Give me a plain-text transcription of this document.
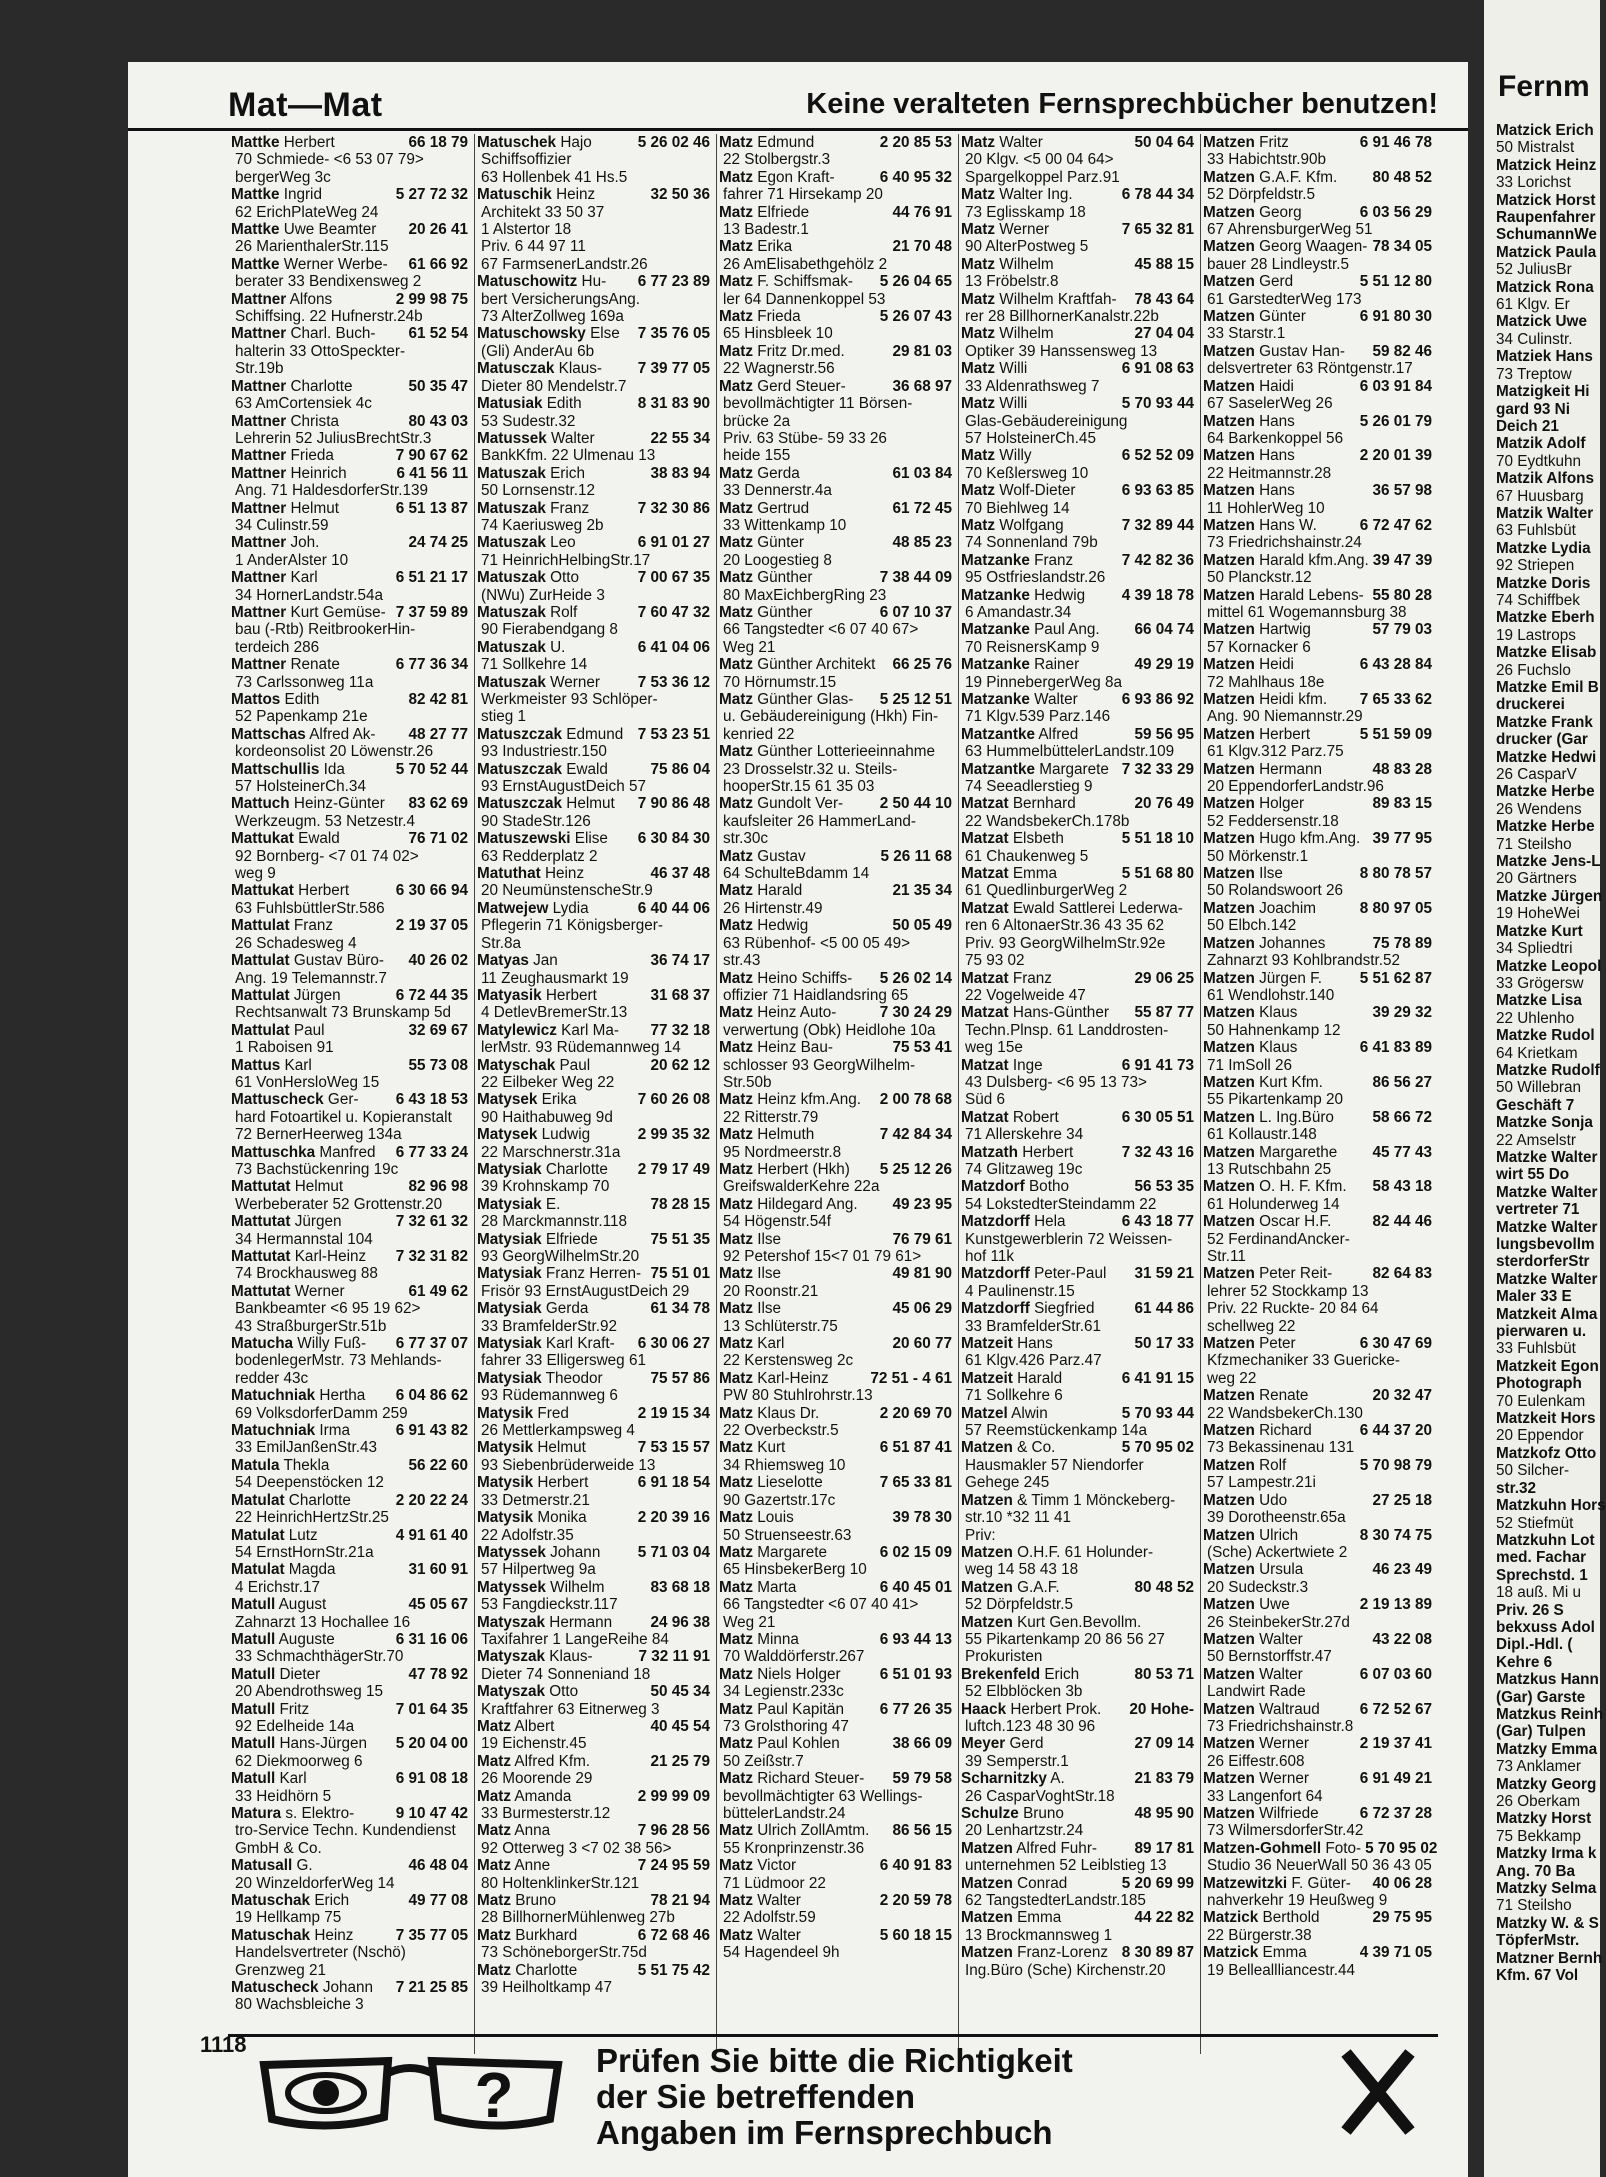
Mat—Mat	Keine veralteten Fernsprechbücher benutzen!
Mattke Herbert	66 18 79
70 Schmiede- <6 53 07 79>
bergerWeg 3c
Mattke Ingrid	5 27 72 32
62 ErichPlateWeg 24
Mattke Uwe Beamter 20 26 41
26 MarienthalerStr.115
Mattke Werner Werbe- 61 66 92
berater 33 Bendixensweg 2
Mattner Alfons	2 99 98 75
Schiffsing. 22 Hufnerstr.24b
Mattner Charl. Buch- 61 52 54
halterin 33 OttoSpeckter-
Str.19b
Mattner Charlotte	50 35 47
63 AmCortensiek 4c
Mattner Christa	80 43 03
Lehrerin 52 JuliusBrechtStr.3
Mattner Frieda	7 90 67 62
Mattner Heinrich	6 41 56 11
Ang. 71 HaldesdorferStr.139
Mattner Helmut	6 51 13 87
34 Culinstr.59
Mattner Joh.	24 74 25
1 AnderAlster 10
Mattner Karl	6 51 21 17
34 HornerLandstr.54a
Mattner Kurt Gemüse- 7 37 59 89
bau (-Rtb) ReitbrookerHin-
terdeich 286
Mattner Renate	6 77 36 34
73 Carlssonweg 11a
Mattos Edith	82 42 81
52 Papenkamp 21e
Mattschas Alfred Ak- 48 27 77
kordeonsolist 20 Löwenstr.26
Mattschullis Ida	5 70 52 44
57 HolsteinerCh.34
Mattuch Heinz-Günter 83 62 69
Werkzeugm. 53 Netzestr.4
Mattukat Ewald	76 71 02
92 Bornberg- <7 01 74 02>
weg 9
Mattukat Herbert	6 30 66 94
63 FuhlsbüttlerStr.586
Mattulat Franz	2 19 37 05
26 Schadesweg 4
Mattulat Gustav Büro- 40 26 02
Ang. 19 Telemannstr.7
Mattulat Jürgen	6 72 44 35
Rechtsanwalt 73 Brunskamp 5d
Mattulat Paul	32 69 67
1 Raboisen 91
Mattus Karl	55 73 08
61 VonHersloWeg 15
Mattuscheck Ger- 6 43 18 53
hard Fotoartikel u. Kopieranstalt
72 BernerHeerweg 134a
Mattuschka Manfred 6 77 33 24
73 Bachstückenring 19c
Mattutat Helmut	82 96 98
Werbeberater 52 Grottenstr.20
Mattutat Jürgen	7 32 61 32
34 Hermannstal 104
Mattutat Karl-Heinz 7 32 31 82
74 Brockhausweg 88
Mattutat Werner	61 49 62
Bankbeamter <6 95 19 62>
43 StraßburgerStr.51b
Matucha Willy Fuß- 6 77 37 07
bodenlegerMstr. 73 Mehlands-
redder 43c
Matuchniak Hertha 6 04 86 62
69 VolksdorferDamm 259
Matuchniak Irma	6 91 43 82
33 EmilJanßenStr.43
Matula Thekla	56 22 60
54 Deepenstöcken 12
Matulat Charlotte	2 20 22 24
22 HeinrichHertzStr.25
Matulat Lutz	4 91 61 40
54 ErnstHornStr.21a
Matulat Magda	31 60 91
4 Erichstr.17
Matull August	45 05 67
Zahnarzt 13 Hochallee 16
Matull Auguste	6 31 16 06
33 SchmachthägerStr.70
Matull Dieter	47 78 92
20 Abendrothsweg 15
Matull Fritz	7 01 64 35
92 Edelheide 14a
Matull Hans-Jürgen 5 20 04 00
62 Diekmoorweg 6
Matull Karl	6 91 08 18
33 Heidhörn 5
Matura s. Elektro-	9 10 47 42
tro-Service Techn. Kundendienst
GmbH & Co.
Matusall G.	46 48 04
20 WinzeldorferWeg 14
Matuschak Erich	49 77 08
19 Hellkamp 75
Matuschak Heinz	7 35 77 05
Handelsvertreter (Nschö)
Grenzweg 21
Matuscheck Johann 7 21 25 85
80 Wachsbleiche 3
Matuschek Hajo	5 26 02 46
Schiffsoffizier
63 Hollenbek 41 Hs.5
Matuschik Heinz	32 50 36
Architekt 33 50 37
1 Alstertor 18
Priv. 6 44 97 11
67 FarmsenerLandstr.26
Matuschowitz Hu- 6 77 23 89
bert VersicherungsAng.
73 AlterZollweg 169a
Matuschowsky Else 7 35 76 05
(Gli) AnderAu 6b
Matusczak Klaus- 7 39 77 05
Dieter 80 Mendelstr.7
Matusiak Edith	8 31 83 90
53 Sudestr.32
Matussek Walter	22 55 34
BankKfm. 22 Ulmenau 13
Matuszak Erich	38 83 94
50 Lornsenstr.12
Matuszak Franz	7 32 30 86
74 Kaeriusweg 2b
Matuszak Leo	6 91 01 27
71 HeinrichHelbingStr.17
Matuszak Otto	7 00 67 35
(NWu) ZurHeide 3
Matuszak Rolf	7 60 47 32
90 Fierabendgang 8
Matuszak U.	6 41 04 06
71 Sollkehre 14
Matuszak Werner 7 53 36 12
Werkmeister 93 Schlöper-
stieg 1
Matuszczak Edmund 7 53 23 51
93 Industriestr.150
Matuszczak Ewald	75 86 04
93 ErnstAugustDeich 57
Matuszczak Helmut 7 90 86 48
90 StadeStr.126
Matuszewski Elise 6 30 84 30
63 Redderplatz 2
Matuthat Heinz	46 37 48
20 NeumünstenscheStr.9
Matwejew Lydia	6 40 44 06
Pflegerin 71 Königsberger-
Str.8a
Matyas Jan	36 74 17
11 Zeughausmarkt 19
Matyasik Herbert	31 68 37
4 DetlevBremerStr.13
Matylewicz Karl Ma- 77 32 18
lerMstr. 93 Rüdemannweg 14
Matyschak Paul	20 62 12
22 Eilbeker Weg 22
Matysek Erika	7 60 26 08
90 Haithabuweg 9d
Matysek Ludwig	2 99 35 32
22 Marschnerstr.31a
Matysiak Charlotte 2 79 17 49
39 Krohnskamp 70
Matysiak E.	78 28 15
28 Marckmannstr.118
Matysiak Elfriede	75 51 35
93 GeorgWilhelmStr.20
Matysiak Franz Herren- 75 51 01
Frisör 93 ErnstAugustDeich 29
Matysiak Gerda	61 34 78
33 BramfelderStr.92
Matysiak Karl Kraft- 6 30 06 27
fahrer 33 Elligersweg 61
Matysiak Theodor	75 57 86
93 Rüdemannweg 6
Matysik Fred	2 19 15 34
26 Mettlerkampsweg 4
Matysik Helmut	7 53 15 57
93 Siebenbrüderweide 13
Matysik Herbert	6 91 18 54
33 Detmerstr.21
Matysik Monika	2 20 39 16
22 Adolfstr.35
Matyssek Johann 5 71 03 04
57 Hilpertweg 9a
Matyssek Wilhelm	83 68 18
53 Fangdieckstr.117
Matyszak Hermann	24 96 38
Taxifahrer 1 LangeReihe 84
Matyszak Klaus-	7 32 11 91
Dieter 74 Sonneniand 18
Matyszak Otto	50 45 34
Kraftfahrer 63 Eitnerweg 3
Matz Albert	40 45 54
19 Eichenstr.45
Matz Alfred Kfm.	21 25 79
26 Moorende 29
Matz Amanda	2 99 99 09
33 Burmesterstr.12
Matz Anna	7 96 28 56
92 Otterweg 3 <7 02 38 56>
Matz Anne	7 24 95 59
80 HoltenklinkerStr.121
Matz Bruno	78 21 94
28 BillhornerMühlenweg 27b
Matz Burkhard	6 72 68 46
73 SchöneborgerStr.75d
Matz Charlotte	5 51 75 42
39 Heilholtkamp 47
Matz Edmund	2 20 85 53
22 Stolbergstr.3
Matz Egon Kraft-	6 40 95 32
fahrer 71 Hirsekamp 20
Matz Elfriede	44 76 91
13 Badestr.1
Matz Erika	21 70 48
26 AmElisabethgehölz 2
Matz F. Schiffsmak- 5 26 04 65
ler 64 Dannenkoppel 53
Matz Frieda	5 26 07 43
65 Hinsbleek 10
Matz Fritz Dr.med.	29 81 03
22 Wagnerstr.56
Matz Gerd Steuer-	36 68 97
bevollmächtigter 11 Börsen-
brücke 2a
Priv. 63 Stübe- 59 33 26
heide 155
Matz Gerda	61 03 84
33 Dennerstr.4a
Matz Gertrud	61 72 45
33 Wittenkamp 10
Matz Günter	48 85 23
20 Loogestieg 8
Matz Günther	7 38 44 09
80 MaxEichbergRing 23
Matz Günther	6 07 10 37
66 Tangstedter <6 07 40 67>
Weg 21
Matz Günther Architekt 66 25 76
70 Hörnumstr.15
Matz Günther Glas- 5 25 12 51
u. Gebäudereinigung (Hkh) Fin-
kenried 22
Matz Günther Lotterieeinnahme
23 Drosselstr.32 u. Steils-
hooperStr.15 61 35 03
Matz Gundolt Ver- 2 50 44 10
kaufsleiter 26 HammerLand-
str.30c
Matz Gustav	5 26 11 68
64 SchulteBdamm 14
Matz Harald	21 35 34
26 Hirtenstr.49
Matz Hedwig	50 05 49
63 Rübenhof- <5 00 05 49>
str.43
Matz Heino Schiffs- 5 26 02 14
offizier 71 Haidlandsring 65
Matz Heinz Auto-	7 30 24 29
verwertung (Obk) Heidlohe 10a
Matz Heinz Bau-	75 53 41
schlosser 93 GeorgWilhelm-
Str.50b
Matz Heinz kfm.Ang. 2 00 78 68
22 Ritterstr.79
Matz Helmuth	7 42 84 34
95 Nordmeerstr.8
Matz Herbert (Hkh) 5 25 12 26
GreifswalderKehre 22a
Matz Hildegard Ang. 49 23 95
54 Högenstr.54f
Matz Ilse	76 79 61
92 Petershof 15<7 01 79 61>
Matz Ilse	49 81 90
20 Roonstr.21
Matz Ilse	45 06 29
13 Schlüterstr.75
Matz Karl	20 60 77
22 Kerstensweg 2c
Matz Karl-Heinz	72 51 - 4 61
PW 80 Stuhlrohrstr.13
Matz Klaus Dr.	2 20 69 70
22 Overbeckstr.5
Matz Kurt	6 51 87 41
34 Rhiemsweg 10
Matz Lieselotte	7 65 33 81
90 Gazertstr.17c
Matz Louis	39 78 30
50 Struenseestr.63
Matz Margarete	6 02 15 09
65 HinsbekerBerg 10
Matz Marta	6 40 45 01
66 Tangstedter <6 07 40 41>
Weg 21
Matz Minna	6 93 44 13
70 Walddörferstr.267
Matz Niels Holger	6 51 01 93
34 Legienstr.233c
Matz Paul Kapitän 6 77 26 35
73 Grolsthoring 47
Matz Paul Kohlen	38 66 09
50 Zeißstr.7
Matz Richard Steuer- 59 79 58
bevollmächtigter 63 Wellings-
büttelerLandstr.24
Matz Ulrich ZollAmtm. 86 56 15
55 Kronprinzenstr.36
Matz Victor	6 40 91 83
71 Lüdmoor 22
Matz Walter	2 20 59 78
22 Adolfstr.59
Matz Walter	5 60 18 15
54 Hagendeel 9h
Matz Walter	50 04 64
20 Klgv. <5 00 04 64>
Spargelkoppel Parz.91
Matz Walter Ing.	6 78 44 34
73 Eglisskamp 18
Matz Werner	7 65 32 81
90 AlterPostweg 5
Matz Wilhelm	45 88 15
13 Fröbelstr.8
Matz Wilhelm Kraftfah- 78 43 64
rer 28 BillhornerKanalstr.22b
Matz Wilhelm	27 04 04
Optiker 39 Hanssensweg 13
Matz Willi	6 91 08 63
33 Aldenrathsweg 7
Matz Willi	5 70 93 44
Glas-Gebäudereinigung
57 HolsteinerCh.45
Matz Willy	6 52 52 09
70 Keßlersweg 10
Matz Wolf-Dieter	6 93 63 85
70 Biehlweg 14
Matz Wolfgang	7 32 89 44
74 Sonnenland 79b
Matzanke Franz	7 42 82 36
95 Ostfrieslandstr.26
Matzanke Hedwig 4 39 18 78
6 Amandastr.34
Matzanke Paul Ang. 66 04 74
70 ReisnersKamp 9
Matzanke Rainer	49 29 19
19 PinnebergerWeg 8a
Matzanke Walter	6 93 86 92
71 Klgv.539 Parz.146
Matzantke Alfred	59 56 95
63 HummelbüttelerLandstr.109
Matzantke Margarete 7 32 33 29
74 Seeadlerstieg 9
Matzat Bernhard	20 76 49
22 WandsbekerCh.178b
Matzat Elsbeth	5 51 18 10
61 Chaukenweg 5
Matzat Emma	5 51 68 80
61 QuedlinburgerWeg 2
Matzat Ewald Sattlerei Lederwa-
ren 6 AltonaerStr.36 43 35 62
Priv. 93 GeorgWilhelmStr.92e
75 93 02
Matzat Franz	29 06 25
22 Vogelweide 47
Matzat Hans-Günther 55 87 77
Techn.Plnsp. 61 Landdrosten-
weg 15e
Matzat Inge	6 91 41 73
43 Dulsberg- <6 95 13 73>
Süd 6
Matzat Robert	6 30 05 51
71 Allerskehre 34
Matzath Herbert	7 32 43 16
74 Glitzaweg 19c
Matzdorf Botho	56 53 35
54 LokstedterSteindamm 22
Matzdorff Hela	6 43 18 77
Kunstgewerblerin 72 Weissen-
hof 11k
Matzdorff Peter-Paul 31 59 21
4 Paulinenstr.15
Matzdorff Siegfried	61 44 86
33 BramfelderStr.61
Matzeit Hans	50 17 33
61 Klgv.426 Parz.47
Matzeit Harald	6 41 91 15
71 Sollkehre 6
Matzel Alwin	5 70 93 44
57 Reemstückenkamp 14a
Matzen & Co.	5 70 95 02
Hausmakler 57 Niendorfer
Gehege 245
Matzen & Timm 1 Mönckeberg-
str.10 *32 11 41
Priv:
Matzen O.H.F. 61 Holunder-
weg 14 58 43 18
Matzen G.A.F.	80 48 52
52 Dörpfeldstr.5
Matzen Kurt Gen.Bevollm.
55 Pikartenkamp 20 86 56 27
Prokuristen
Brekenfeld Erich	80 53 71
52 Elbblöcken 3b
Haack Herbert Prok. 20 Hohe-
luftch.123 48 30 96
Meyer Gerd	27 09 14
39 Semperstr.1
Scharnitzky A.	21 83 79
26 CasparVoghtStr.18
Schulze Bruno	48 95 90
20 Lenhartzstr.24
Matzen Alfred Fuhr- 89 17 81
unternehmen 52 Leiblstieg 13
Matzen Conrad	5 20 69 99
62 TangstedterLandstr.185
Matzen Emma	44 22 82
13 Brockmannsweg 1
Matzen Franz-Lorenz 8 30 89 87
Ing.Büro (Sche) Kirchenstr.20
Matzen Fritz	6 91 46 78
33 Habichtstr.90b
Matzen G.A.F. Kfm. 80 48 52
52 Dörpfeldstr.5
Matzen Georg	6 03 56 29
67 AhrensburgerWeg 51
Matzen Georg Waagen- 78 34 05
bauer 28 Lindleystr.5
Matzen Gerd	5 51 12 80
61 GarstedterWeg 173
Matzen Günter	6 91 80 30
33 Starstr.1
Matzen Gustav Han- 59 82 46
delsvertreter 63 Röntgenstr.17
Matzen Haidi	6 03 91 84
67 SaselerWeg 26
Matzen Hans	5 26 01 79
64 Barkenkoppel 56
Matzen Hans	2 20 01 39
22 Heitmannstr.28
Matzen Hans	36 57 98
11 HohlerWeg 10
Matzen Hans W.	6 72 47 62
73 Friedrichshainstr.24
Matzen Harald kfm.Ang. 39 47 39
50 Planckstr.12
Matzen Harald Lebens- 55 80 28
mittel 61 Wogemannsburg 38
Matzen Hartwig	57 79 03
57 Kornacker 6
Matzen Heidi	6 43 28 84
72 Mahlhaus 18e
Matzen Heidi kfm. 7 65 33 62
Ang. 90 Niemannstr.29
Matzen Herbert	5 51 59 09
61 Klgv.312 Parz.75
Matzen Hermann	48 83 28
20 EppendorferLandstr.96
Matzen Holger	89 83 15
52 Feddersenstr.18
Matzen Hugo kfm.Ang. 39 77 95
50 Mörkenstr.1
Matzen Ilse	8 80 78 57
50 Rolandswoort 26
Matzen Joachim	8 80 97 05
50 Elbch.142
Matzen Johannes	75 78 89
Zahnarzt 93 Kohlbrandstr.52
Matzen Jürgen F. 5 51 62 87
61 Wendlohstr.140
Matzen Klaus	39 29 32
50 Hahnenkamp 12
Matzen Klaus	6 41 83 89
71 ImSoll 26
Matzen Kurt Kfm.	86 56 27
55 Pikartenkamp 20
Matzen L. Ing.Büro	58 66 72
61 Kollaustr.148
Matzen Margarethe 45 77 43
13 Rutschbahn 25
Matzen O. H. F. Kfm. 58 43 18
61 Holunderweg 14
Matzen Oscar H.F.	82 44 46
52 FerdinandAncker-
Str.11
Matzen Peter Reit-	82 64 83
lehrer 52 Stockkamp 13
Priv. 22 Ruckte- 20 84 64
schellweg 22
Matzen Peter	6 30 47 69
Kfzmechaniker 33 Guericke-
weg 22
Matzen Renate	20 32 47
22 WandsbekerCh.130
Matzen Richard	6 44 37 20
73 Bekassinenau 131
Matzen Rolf	5 70 98 79
57 Lampestr.21i
Matzen Udo	27 25 18
39 Dorotheenstr.65a
Matzen Ulrich	8 30 74 75
(Sche) Ackertwiete 2
Matzen Ursula	46 23 49
20 Sudeckstr.3
Matzen Uwe	2 19 13 89
26 SteinbekerStr.27d
Matzen Walter	43 22 08
50 Bernstorffstr.47
Matzen Walter	6 07 03 60
Landwirt Rade
Matzen Waltraud	6 72 52 67
73 Friedrichshainstr.8
Matzen Werner	2 19 37 41
26 Eiffestr.608
Matzen Werner	6 91 49 21
33 Langenfort 64
Matzen Wilfriede	6 72 37 28
73 WilmersdorferStr.42
Matzen-Gohmell Foto- 5 70 95 02
Studio 36 NeuerWall 50 36 43 05
Matzewitzki F. Güter- 40 06 28
nahverkehr 19 Heußweg 9
Matzick Berthold	29 75 95
22 Bürgerstr.38
Matzick Emma	4 39 71 05
19 Belleallliancestr.44
? Prüfen Sie bitte die Richtigkeit
der Sie betreffenden
Angaben im Fernsprechbuch
1118
Fernm
Matzick Erich
50 Mistralst
Matzick Heinz
33 Lorichst
Matzick Horst
Raupenfahrer
SchumannWe
Matzick Paula
52 JuliusBr
Matzick Rona
61 Klgv. Er
Matzick Uwe
34 Culinstr.
Matziek Hans
73 Treptow
Matzigkeit Hi
gard 93 Ni
Deich 21
Matzik Adolf
70 Eydtkuhn
Matzik Alfons
67 Huusbarg
Matzik Walter
63 Fuhlsbüt
Matzke Lydia
92 Striepen
Matzke Doris
74 Schiffbek
Matzke Eberh
19 Lastrops
Matzke Elisab
26 Fuchslo
Matzke Emil B
druckerei
Matzke Frank
drucker (Gar
Matzke Hedwi
26 CasparV
Matzke Herbe
26 Wendens
Matzke Herbe
71 Steilsho
Matzke Jens-L
20 Gärtners
Matzke Jürgen
19 HoheWei
Matzke Kurt
34 Spliedtri
Matzke Leopol
33 Grögersw
Matzke Lisa
22 Uhlenho
Matzke Rudol
64 Krietkam
Matzke Rudolf
50 Willebran
Geschäft 7
Matzke Sonja
22 Amselstr
Matzke Walter
wirt 55 Do
Matzke Walter
vertreter 71
Matzke Walter
lungsbevollm
sterdorferStr
Matzke Walter
Maler 33 E
Matzkeit Alma
pierwaren u.
33 Fuhlsbüt
Matzkeit Egon
Photograph
70 Eulenkam
Matzkeit Hors
20 Eppendor
Matzkofz Otto
50 Silcher-
str.32
Matzkuhn Hors
52 Stiefmüt
Matzkuhn Lot
med. Fachar
Sprechstd. 1
18 auß. Mi u
Priv. 26 S
bekxuss Adol
Dipl.-Hdl. (
Kehre 6
Matzkus Hann
(Gar) Garste
Matzkus Reinh
(Gar) Tulpen
Matzky Emma
73 Anklamer
Matzky Georg
26 Oberkam
Matzky Horst
75 Bekkamp
Matzky Irma k
Ang. 70 Ba
Matzky Selma
71 Steilsho
Matzky W. & S
TöpferMstr.
Matzner Bernh
Kfm. 67 Vol
